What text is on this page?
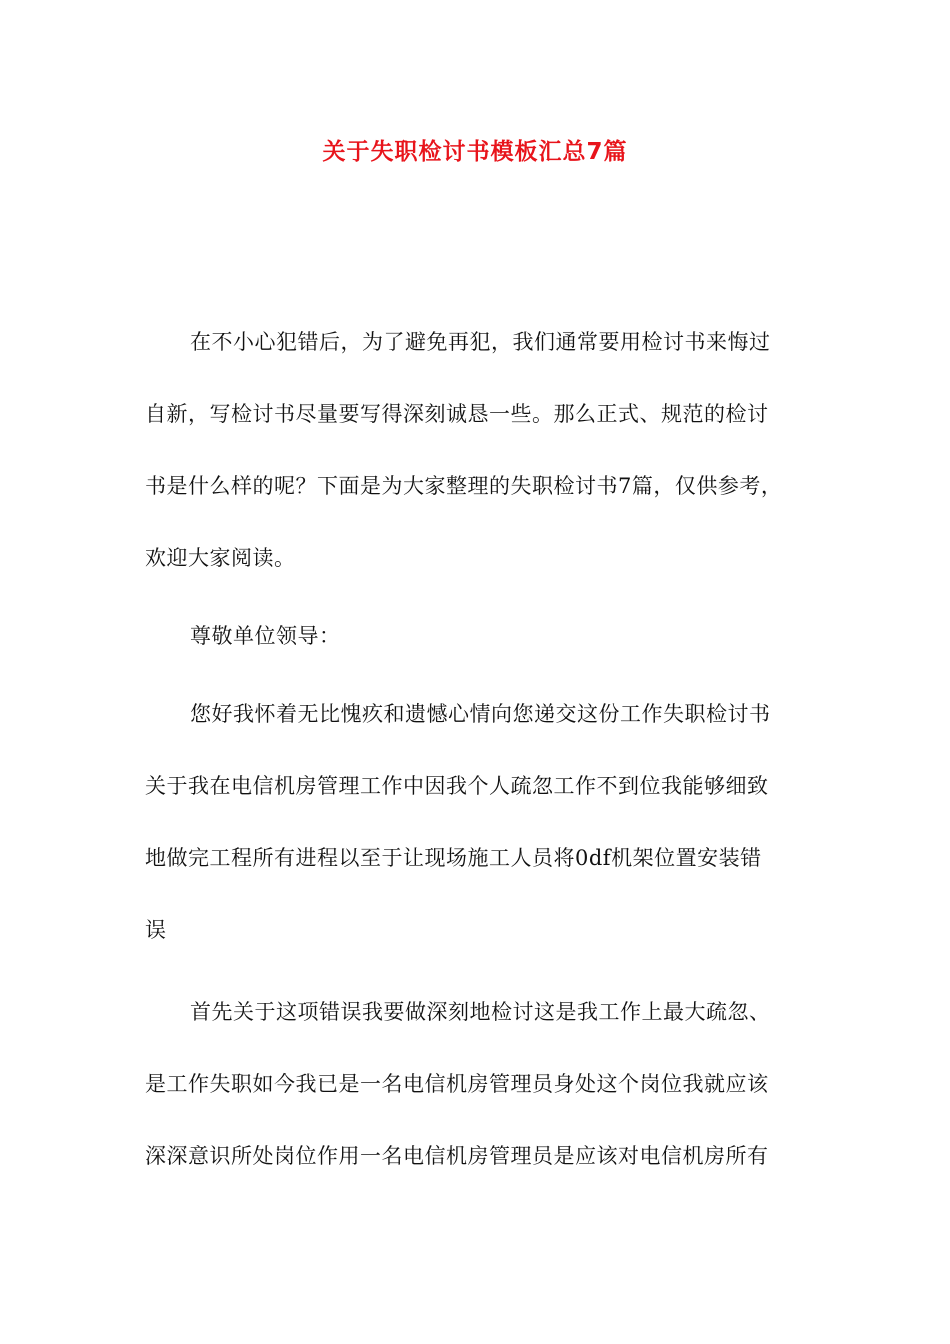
关于失职检讨书模板汇总7篇
在不小心犯错后，为了避免再犯，我们通常要用检讨书来悔过
自新，写检讨书尽量要写得深刻诚恳一些。那么正式、规范的检讨
书是什么样的呢？下面是为大家整理的失职检讨书7篇，仅供参考，
欢迎大家阅读。
尊敬单位领导：
您好我怀着无比愧疚和遗憾心情向您递交这份工作失职检讨书
关于我在电信机房管理工作中因我个人疏忽工作不到位我能够细致
地做完工程所有进程以至于让现场施工人员将0df机架位置安装错
误
首先关于这项错误我要做深刻地检讨这是我工作上最大疏忽、
是工作失职如今我已是一名电信机房管理员身处这个岗位我就应该
深深意识所处岗位作用一名电信机房管理员是应该对电信机房所有
